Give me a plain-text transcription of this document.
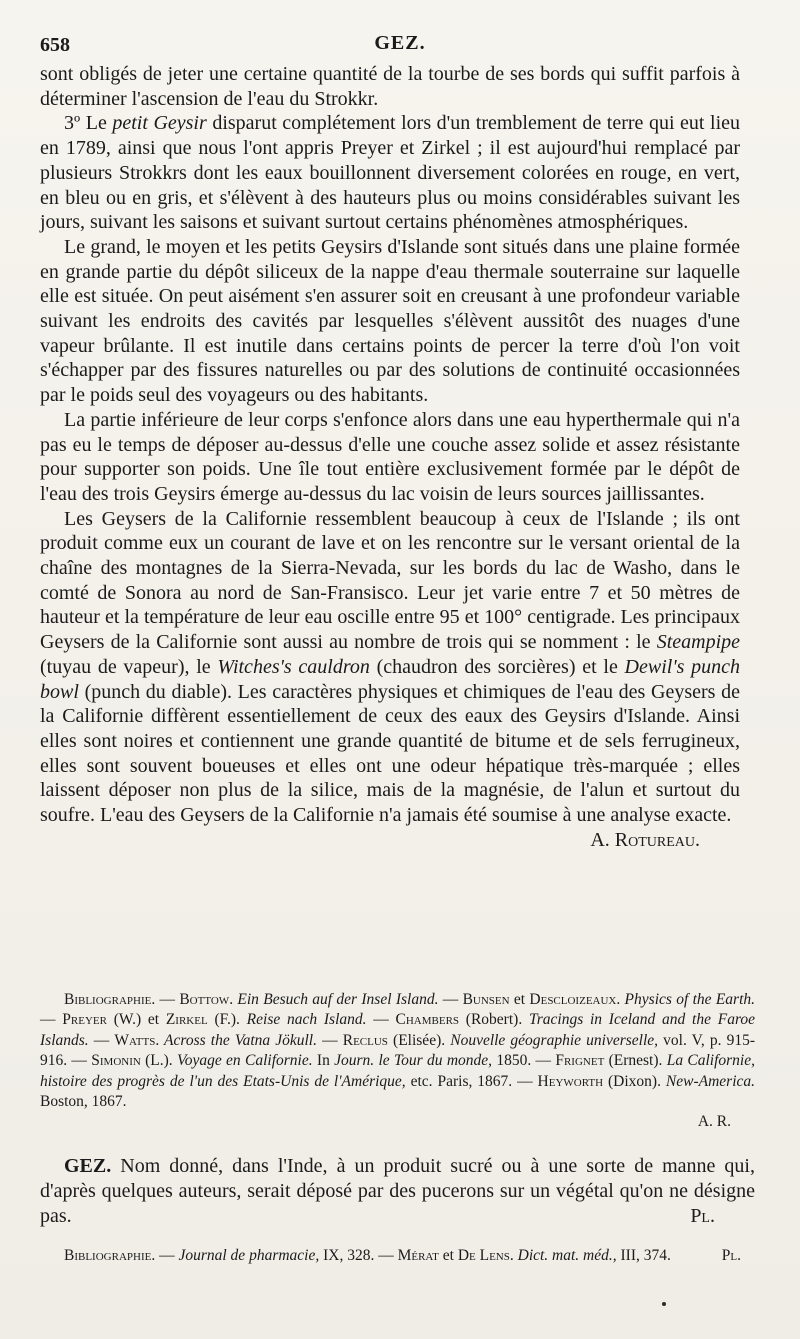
658	GEZ.

sont obligés de jeter une certaine quantité de la tourbe de ses bords qui suffit parfois à déterminer l'ascension de l'eau du Strokkr.

3º Le petit Geysir disparut complétement lors d'un tremblement de terre qui eut lieu en 1789, ainsi que nous l'ont appris Preyer et Zirkel ; il est aujourd'hui remplacé par plusieurs Strokkrs dont les eaux bouillonnent diversement colorées en rouge, en vert, en bleu ou en gris, et s'élèvent à des hauteurs plus ou moins considérables suivant les jours, suivant les saisons et suivant surtout certains phénomènes atmosphériques.

Le grand, le moyen et les petits Geysirs d'Islande sont situés dans une plaine formée en grande partie du dépôt siliceux de la nappe d'eau thermale souterraine sur laquelle elle est située. On peut aisément s'en assurer soit en creusant à une profondeur variable suivant les endroits des cavités par lesquelles s'élèvent aussitôt des nuages d'une vapeur brûlante. Il est inutile dans certains points de percer la terre d'où l'on voit s'échapper par des fissures naturelles ou par des solutions de continuité occasionnées par le poids seul des voyageurs ou des habitants.

La partie inférieure de leur corps s'enfonce alors dans une eau hyperthermale qui n'a pas eu le temps de déposer au-dessus d'elle une couche assez solide et assez résistante pour supporter son poids. Une île tout entière exclusivement formée par le dépôt de l'eau des trois Geysirs émerge au-dessus du lac voisin de leurs sources jaillissantes.

Les Geysers de la Californie ressemblent beaucoup à ceux de l'Islande ; ils ont produit comme eux un courant de lave et on les rencontre sur le versant oriental de la chaîne des montagnes de la Sierra-Nevada, sur les bords du lac de Washo, dans le comté de Sonora au nord de San-Fransisco. Leur jet varie entre 7 et 50 mètres de hauteur et la température de leur eau oscille entre 95 et 100° centigrade. Les principaux Geysers de la Californie sont aussi au nombre de trois qui se nomment : le Steampipe (tuyau de vapeur), le Witches's cauldron (chaudron des sorcières) et le Dewil's punch bowl (punch du diable). Les caractères physiques et chimiques de l'eau des Geysers de la Californie diffèrent essentiellement de ceux des eaux des Geysirs d'Islande. Ainsi elles sont noires et contiennent une grande quantité de bitume et de sels ferrugineux, elles sont souvent boueuses et elles ont une odeur hépatique très-marquée ; elles laissent déposer non plus de la silice, mais de la magnésie, de l'alun et surtout du soufre. L'eau des Geysers de la Californie n'a jamais été soumise à une analyse exacte.

A. Rotureau.

Bibliographie. — Bottow. Ein Besuch auf der Insel Island. — Bunsen et Descloizeaux. Physics of the Earth. — Preyer (W.) et Zirkel (F.). Reise nach Island. — Chambers (Robert). Tracings in Iceland and the Faroe Islands. — Watts. Across the Vatna Jökull. — Reclus (Elisée). Nouvelle géographie universelle, vol. V, p. 915-916. — Simonin (L.). Voyage en Californie. In Journ. le Tour du monde, 1850. — Frignet (Ernest). La Californie, histoire des progrès de l'un des Etats-Unis de l'Amérique, etc. Paris, 1867. — Heyworth (Dixon). New-America. Boston, 1867.

A. R.

GEZ. Nom donné, dans l'Inde, à un produit sucré ou à une sorte de manne qui, d'après quelques auteurs, serait déposé par des pucerons sur un végétal qu'on ne désigne pas.	Pl.

Bibliographie. — Journal de pharmacie, IX, 328. — Mérat et De Lens. Dict. mat. méd., III, 374.	Pl.
